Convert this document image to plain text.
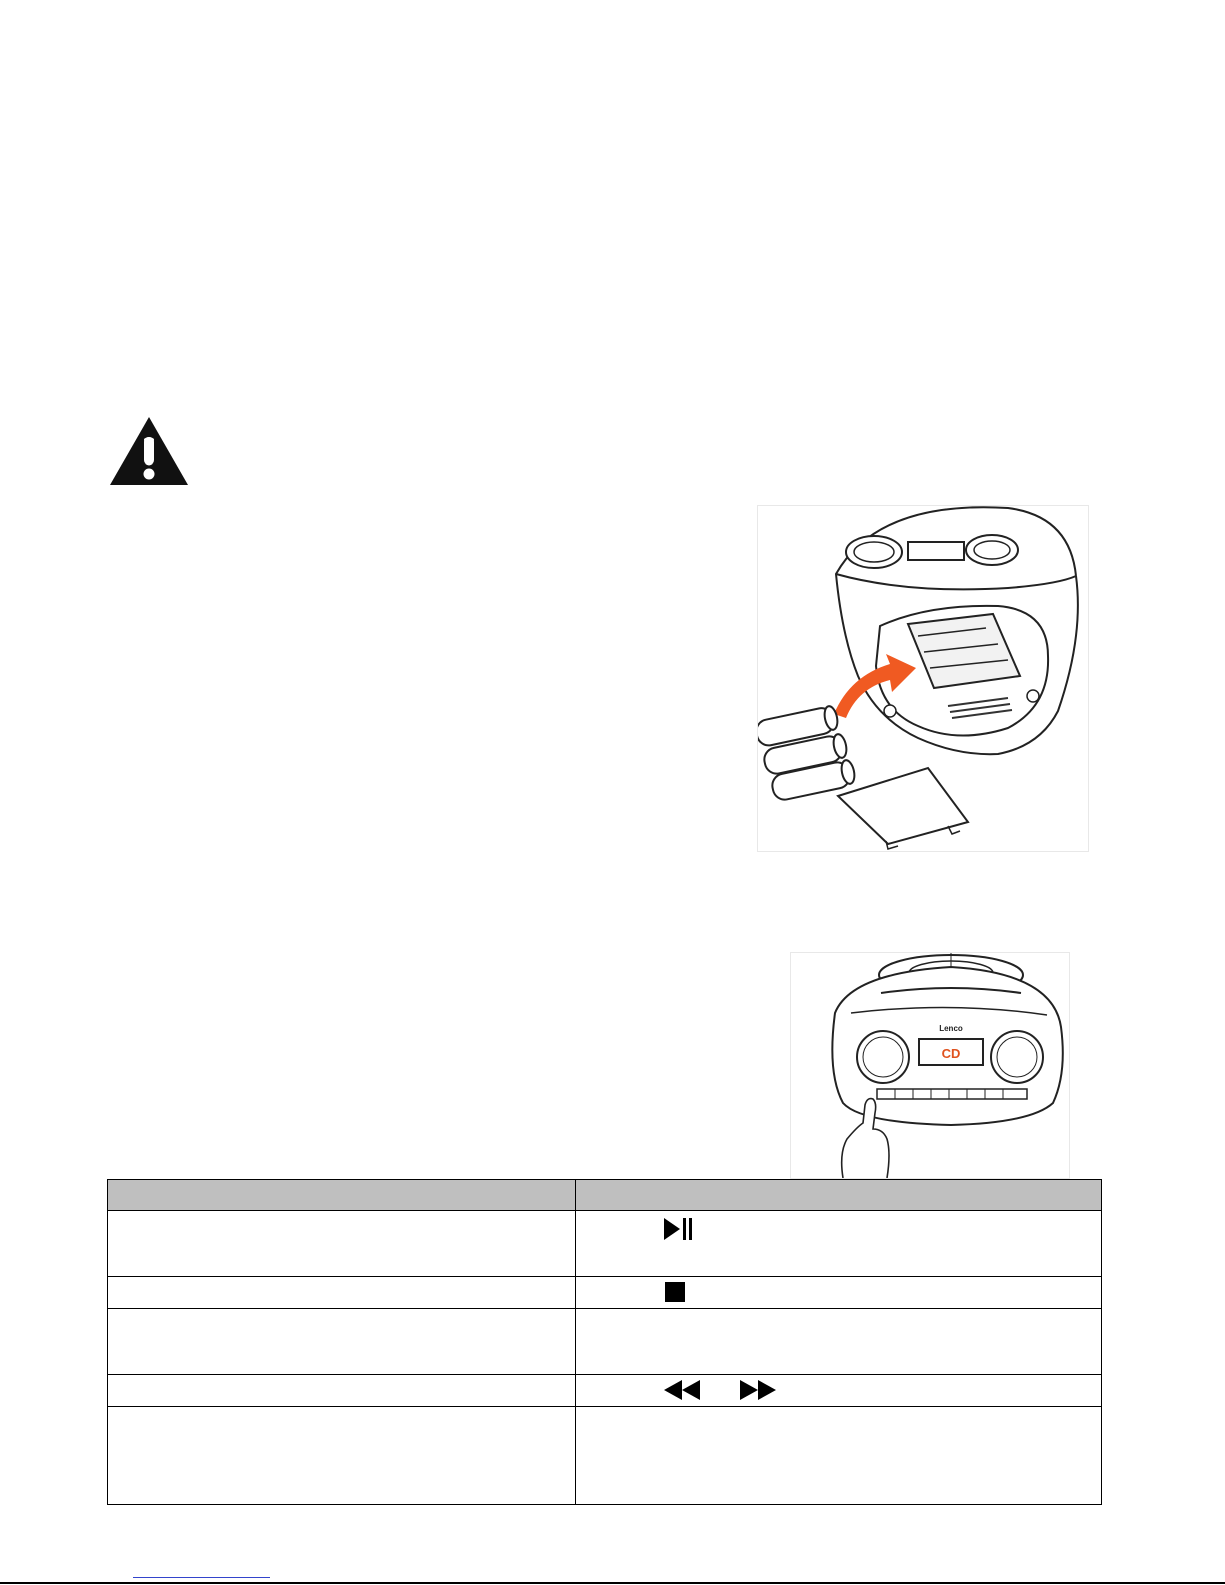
Lenco
CD
